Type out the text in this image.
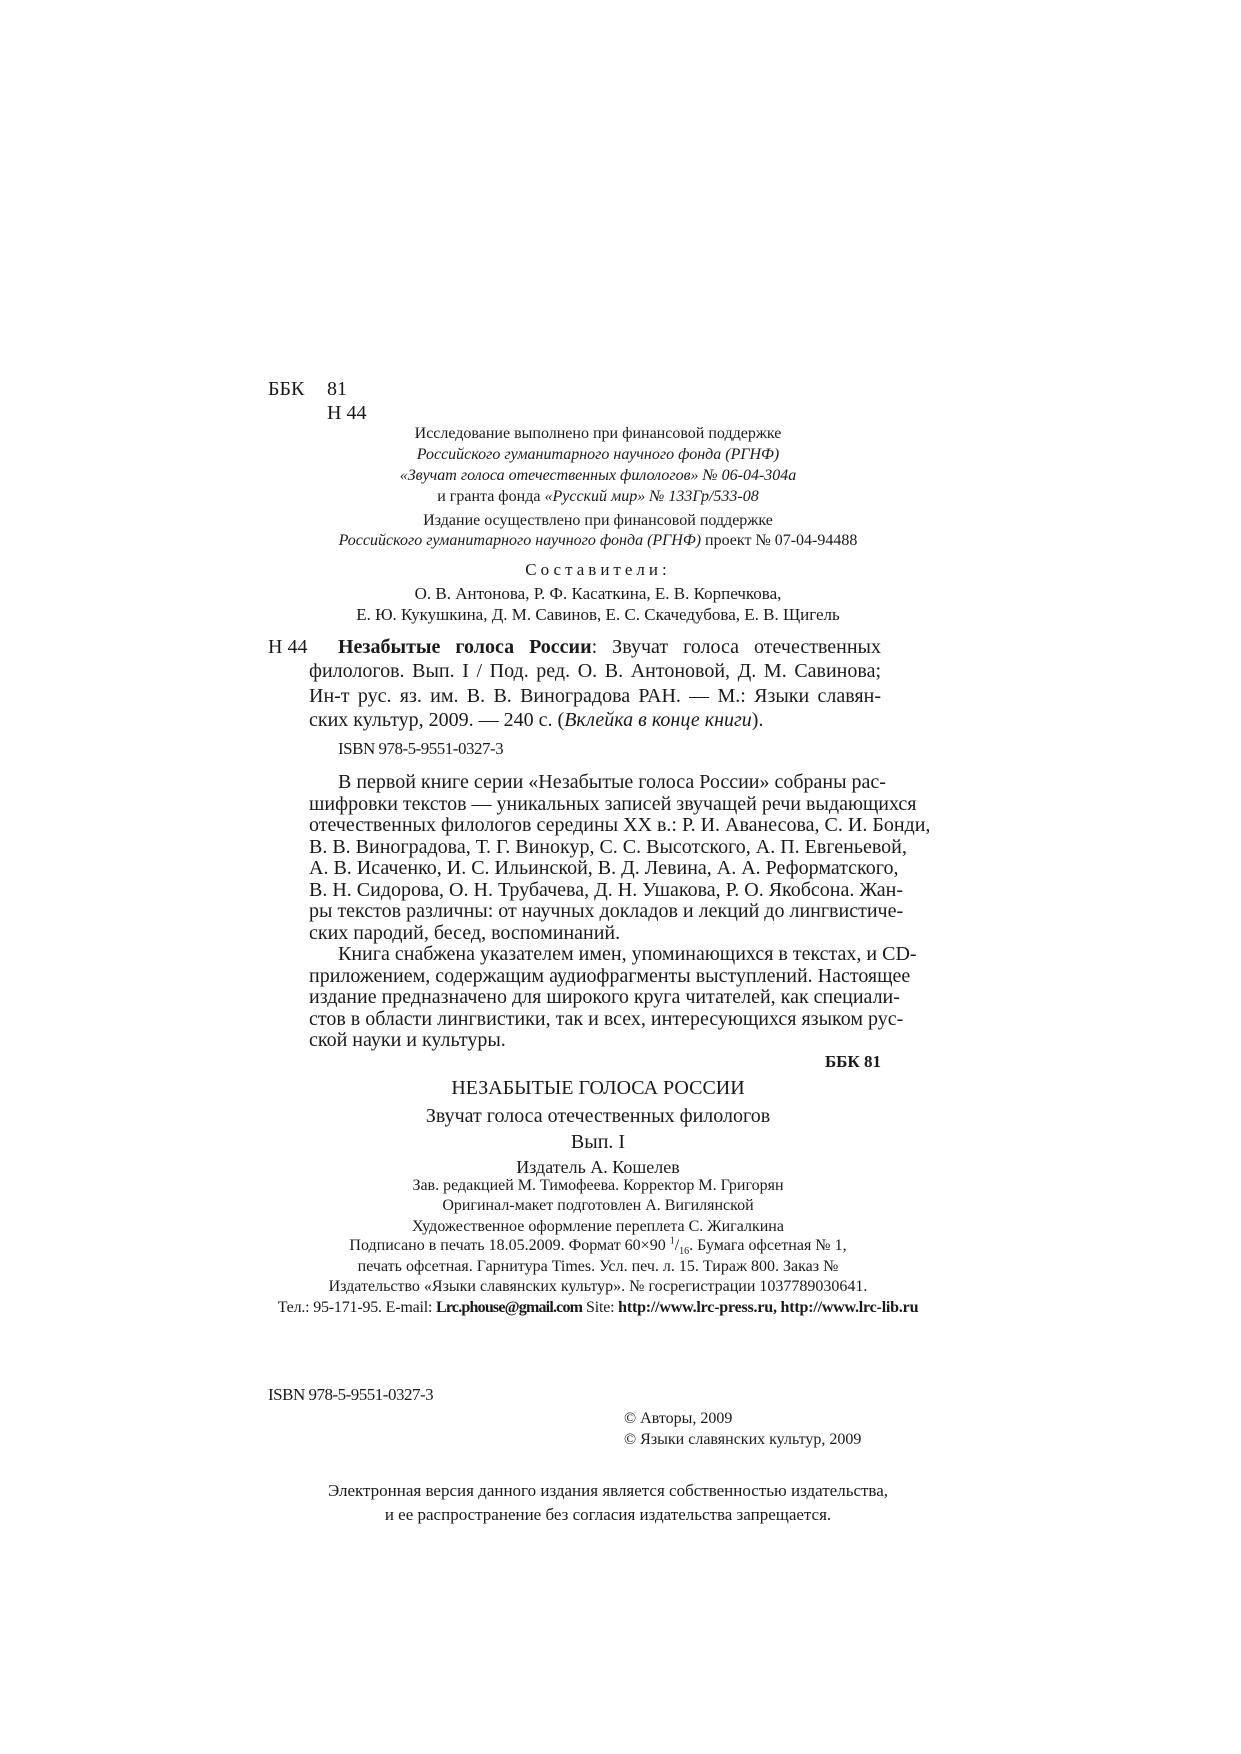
ББК 81
Н 44
Исследование выполнено при финансовой поддержке
Российского гуманитарного научного фонда (РГНФ)
«Звучат голоса отечественных филологов» № 06-04-304а
и гранта фонда «Русский мир» № 133Гр/533-08
Издание осуществлено при финансовой поддержке
Российского гуманитарного научного фонда (РГНФ) проект № 07-04-94488
Составители:
О. В. Антонова, Р. Ф. Касаткина, Е. В. Корпечкова,
Е. Ю. Кукушкина, Д. М. Савинов, Е. С. Скачедубова, Е. В. Щигель
Н 44 Незабытые голоса России: Звучат голоса отечественных
филологов. Вып. I / Под. ред. О. В. Антоновой, Д. М. Савинова;
Ин-т рус. яз. им. В. В. Виноградова РАН. — М.: Языки славян-
ских культур, 2009. — 240 с. (Вклейка в конце книги).
ISBN 978-5-9551-0327-3
В первой книге серии «Незабытые голоса России» собраны рас-
шифровки текстов — уникальных записей звучащей речи выдающихся
отечественных филологов середины XX в.: Р. И. Аванесова, С. И. Бонди,
В. В. Виноградова, Т. Г. Винокур, С. С. Высотского, А. П. Евгеньевой,
А. В. Исаченко, И. С. Ильинской, В. Д. Левина, А. А. Реформатского,
В. Н. Сидорова, О. Н. Трубачева, Д. Н. Ушакова, Р. О. Якобсона. Жан-
ры текстов различны: от научных докладов и лекций до лингвистиче-
ских пародий, бесед, воспоминаний.
Книга снабжена указателем имен, упоминающихся в текстах, и CD-
приложением, содержащим аудиофрагменты выступлений. Настоящее
издание предназначено для широкого круга читателей, как специали-
стов в области лингвистики, так и всех, интересующихся языком рус-
ской науки и культуры.
ББК 81
НЕЗАБЫТЫЕ ГОЛОСА РОССИИ
Звучат голоса отечественных филологов
Вып. I
Издатель А. Кошелев
Зав. редакцией М. Тимофеева. Корректор М. Григорян
Оригинал-макет подготовлен А. Вигилянской
Художественное оформление переплета С. Жигалкина
Подписано в печать 18.05.2009. Формат 60×90 $^1/_{16}$. Бумага офсетная № 1,
печать офсетная. Гарнитура Times. Усл. печ. л. 15. Тираж 800. Заказ №
Издательство «Языки славянских культур». № госрегистрации 1037789030641.
Тел.: 95-171-95. E-mail: Lrc.phouse@gmail.com Site: http://www.lrc-press.ru, http://www.lrc-lib.ru
ISBN 978-5-9551-0327-3
© Авторы, 2009
© Языки славянских культур, 2009
Электронная версия данного издания является собственностью издательства,
и ее распространение без согласия издательства запрещается.
